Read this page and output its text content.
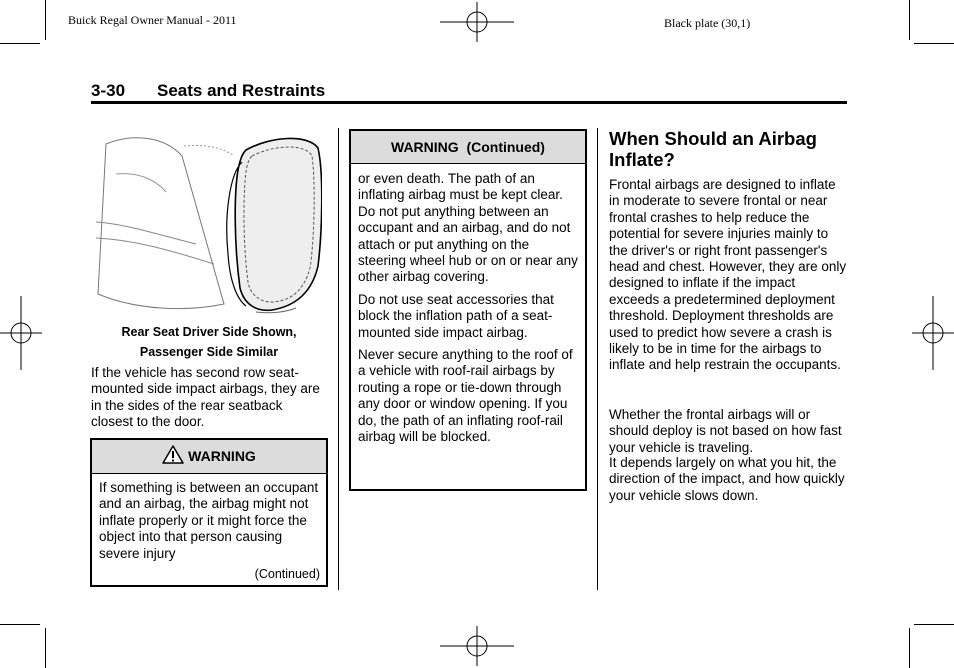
Buick Regal Owner Manual - 2011	Black plate (30,1)
3-30 Seats and Restraints
Rear Seat Driver Side Shown,
Passenger Side Similar
If the vehicle has second row seat-mounted side impact airbags, they are in the sides of the rear seatback closest to the door.
WARNING
If something is between an occupant and an airbag, the airbag might not inflate properly or it might force the object into that person causing severe injury
(Continued)
WARNING  (Continued)
or even death. The path of an inflating airbag must be kept clear. Do not put anything between an occupant and an airbag, and do not attach or put anything on the steering wheel hub or on or near any other airbag covering.
Do not use seat accessories that block the inflation path of a seat-mounted side impact airbag.
Never secure anything to the roof of a vehicle with roof-rail airbags by routing a rope or tie-down through any door or window opening. If you do, the path of an inflating roof-rail airbag will be blocked.
When Should an Airbag Inflate?
Frontal airbags are designed to inflate in moderate to severe frontal or near frontal crashes to help reduce the potential for severe injuries mainly to the driver's or right front passenger's head and chest. However, they are only designed to inflate if the impact exceeds a predetermined deployment threshold. Deployment thresholds are used to predict how severe a crash is likely to be in time for the airbags to inflate and help restrain the occupants.
Whether the frontal airbags will or should deploy is not based on how fast your vehicle is traveling.
It depends largely on what you hit, the direction of the impact, and how quickly your vehicle slows down.
